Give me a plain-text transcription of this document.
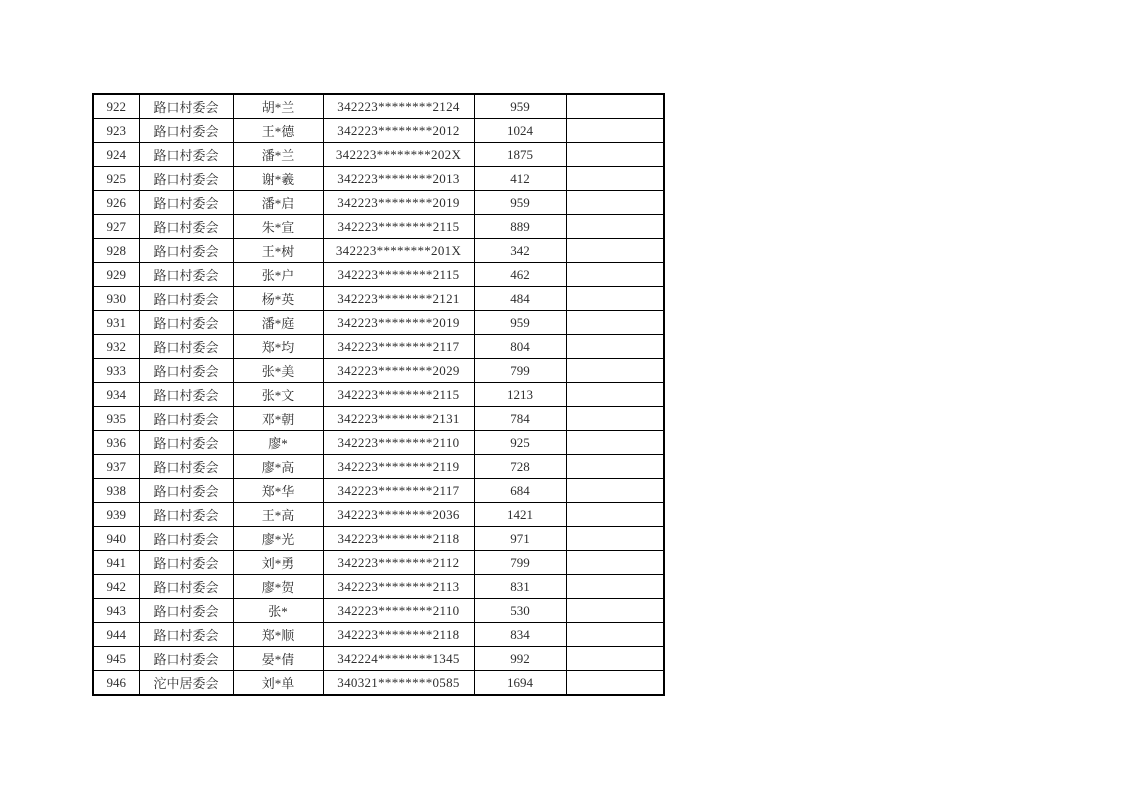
922	路口村委会	胡*兰	342223********2124	959	
923	路口村委会	王*德	342223********2012	1024	
924	路口村委会	潘*兰	342223********202X	1875	
925	路口村委会	谢*羲	342223********2013	412	
926	路口村委会	潘*启	342223********2019	959	
927	路口村委会	朱*宣	342223********2115	889	
928	路口村委会	王*树	342223********201X	342	
929	路口村委会	张*户	342223********2115	462	
930	路口村委会	杨*英	342223********2121	484	
931	路口村委会	潘*庭	342223********2019	959	
932	路口村委会	郑*均	342223********2117	804	
933	路口村委会	张*美	342223********2029	799	
934	路口村委会	张*文	342223********2115	1213	
935	路口村委会	邓*朝	342223********2131	784	
936	路口村委会	廖*	342223********2110	925	
937	路口村委会	廖*高	342223********2119	728	
938	路口村委会	郑*华	342223********2117	684	
939	路口村委会	王*高	342223********2036	1421	
940	路口村委会	廖*光	342223********2118	971	
941	路口村委会	刘*勇	342223********2112	799	
942	路口村委会	廖*贺	342223********2113	831	
943	路口村委会	张*	342223********2110	530	
944	路口村委会	郑*顺	342223********2118	834	
945	路口村委会	晏*倩	342224********1345	992	
946	沱中居委会	刘*单	340321********0585	1694	
